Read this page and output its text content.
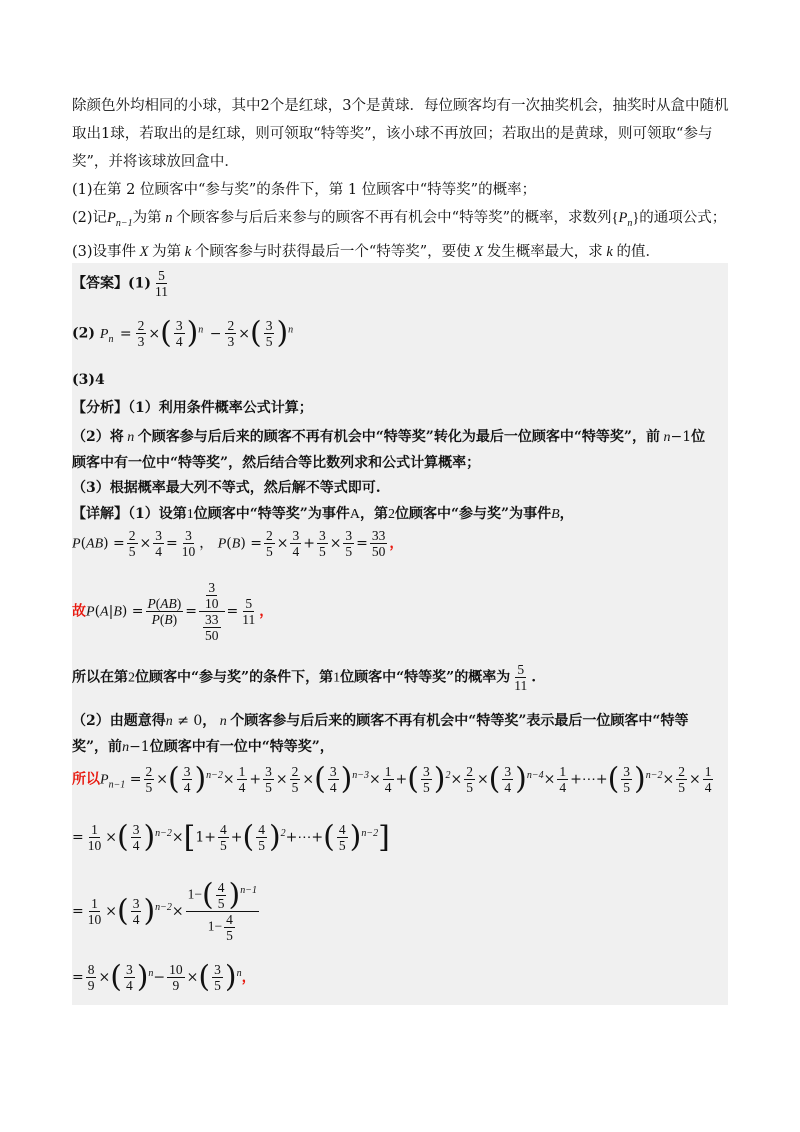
除颜色外均相同的小球，其中2个是红球，3个是黄球．每位顾客均有一次抽奖机会，抽奖时从盒中随机
取出1球，若取出的是红球，则可领取“特等奖”，该小球不再放回；若取出的是黄球，则可领取“参与
奖”，并将该球放回盒中．
(1)在第 2 位顾客中“参与奖”的条件下，第 1 位顾客中“特等奖”的概率；
(2)记$P_{n-1}$为第 n 个顾客参与后后来参与的顾客不再有机会中“特等奖”的概率，求数列$\{P_n\}$的通项公式；
(3)设事件 X 为第 k 个顾客参与时获得最后一个“特等奖”，要使 X 发生概率最大，求 k 的值．
【答案】$(1) \frac{5}{11}$
(2) $P_n = \frac{2}{3}$ ×( $\frac{3}{4} )^n - \frac{2}{3}$ ×( $\frac{3}{5} )^n$
(3)4
【分析】（1）利用条件概率公式计算；
（2）将 n 个顾客参与后后来的顾客不再有机会中“特等奖”转化为最后一位顾客中“特等奖”，前 n−1位
顾客中有一位中“特等奖”，然后结合等比数列求和公式计算概率；
（3）根据概率最大列不等式，然后解不等式即可.
【详解】（1）设第1位顾客中“特等奖”为事件A，第2位顾客中“参与奖”为事件B，
$P(AB) = \frac{2}{5} \times \frac{3}{4} = \frac{3}{10}$ ， $P(B) = \frac{2}{5} \times \frac{3}{4} + \frac{3}{5} \times \frac{3}{5} = \frac{33}{50}$ ，
故$P(A|B) = \frac{P(AB)}{P(B)} = \frac{\frac{3}{10}}{\frac{33}{50}} = \frac{5}{11}$ ，
所以在第2位顾客中“参与奖”的条件下，第1位顾客中“特等奖”的概率为 $\frac{5}{11}$ .
（2）由题意得n ≠ 0， n 个顾客参与后后来的顾客不再有机会中“特等奖”表示最后一位顾客中“特等
奖”，前n−1位顾客中有一位中“特等奖”，
所以$P_{n-1} = \frac{2}{5}$ ×( $\frac{3}{4} )^{n-2}\times \frac{1}{4} + \frac{3}{5} \times \frac{2}{5}$ ×( $\frac{3}{4} )^{n-3}\times \frac{1}{4}$ +( $\frac{3}{5} )^2\times \frac{2}{5}$ ×( $\frac{3}{4} )^{n-4}\times \frac{1}{4}$ +⋯+( $\frac{3}{5} )^{n-2}\times \frac{2}{5} \times \frac{1}{4}$
= $\frac{1}{10}$ ×( $\frac{3}{4} )^{n-2}\times[1+ \frac{4}{5}$ +( $\frac{4}{5}$ )$^2$+⋯+( $\frac{4}{5} )^{n-2}$]
= $\frac{1}{10}$ ×( $\frac{3}{4} )^{n-2}\times \frac{1-( \frac{4}{5} )^{n-1}}{1- \frac{4}{5}}$
= $\frac{8}{9}$ ×( $\frac{3}{4} )^n- \frac{10}{9}$ ×( $\frac{3}{5} )^n$，
